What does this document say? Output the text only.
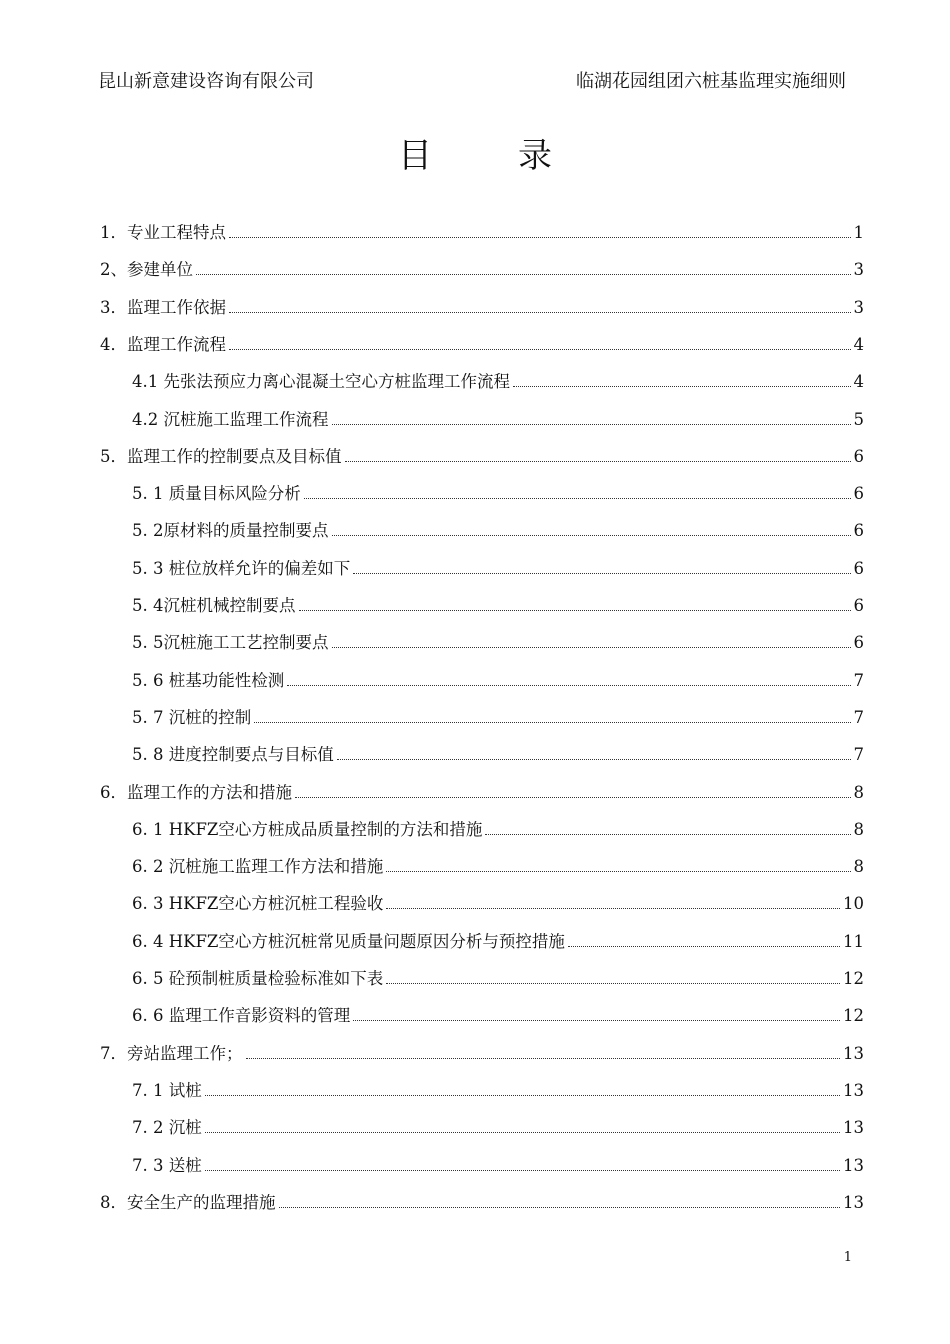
昆山新意建设咨询有限公司	临湖花园组团六桩基监理实施细则
目	录
1．专业工程特点	1
2、参建单位	3
3．监理工作依据	3
4．监理工作流程	4
4.1 先张法预应力离心混凝土空心方桩监理工作流程	4
4.2 沉桩施工监理工作流程	5
5．监理工作的控制要点及目标值	6
5. 1 质量目标风险分析	6
5. 2原材料的质量控制要点	6
5. 3 桩位放样允许的偏差如下	6
5. 4沉桩机械控制要点	6
5. 5沉桩施工工艺控制要点	6
5. 6 桩基功能性检测	7
5. 7 沉桩的控制	7
5. 8 进度控制要点与目标值	7
6．监理工作的方法和措施	8
6. 1 HKFZ空心方桩成品质量控制的方法和措施	8
6. 2 沉桩施工监理工作方法和措施	8
6. 3 HKFZ空心方桩沉桩工程验收	10
6. 4 HKFZ空心方桩沉桩常见质量问题原因分析与预控措施	11
6. 5 砼预制桩质量检验标准如下表	12
6. 6 监理工作音影资料的管理	12
7．旁站监理工作；	13
7. 1 试桩	13
7. 2 沉桩	13
7. 3 送桩	13
8．安全生产的监理措施	13
1
